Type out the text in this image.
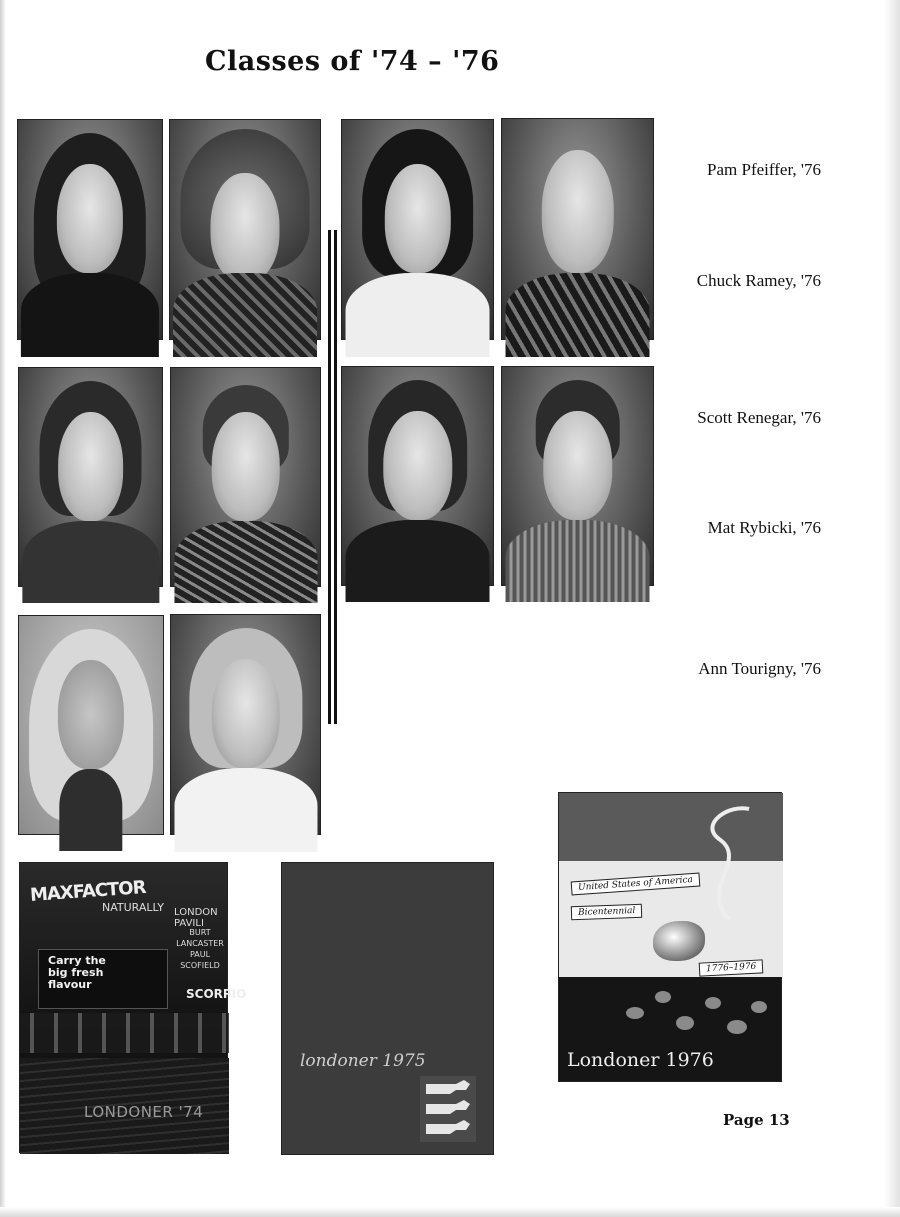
Classes of '74 – '76
Pam Pfeiffer, '76
Chuck Ramey, '76
Scott Renegar, '76
Mat Rybicki, '76
Ann Tourigny, '76
MAXFACTOR
NATURALLY LONDON PAVILI
Carry the big fresh flavour
BURT LANCASTER PAUL SCOFIELD
SCORPIO
LONDONER '74
londoner 1975
United States of America
Bicentennial
1776–1976
Londoner 1976
Page 13
